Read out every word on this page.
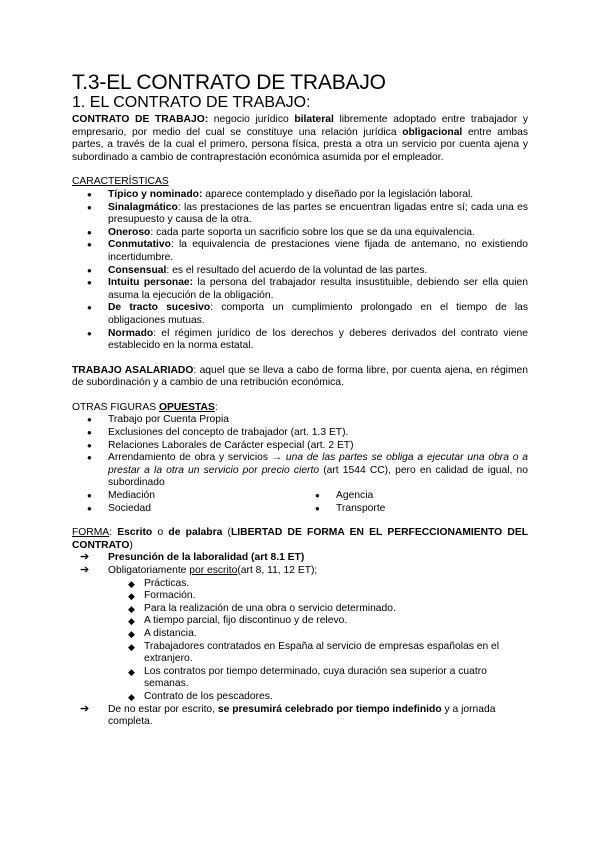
T.3-EL CONTRATO DE TRABAJO
1. EL CONTRATO DE TRABAJO:

CONTRATO DE TRABAJO: negocio jurídico bilateral libremente adoptado entre trabajador y empresario, por medio del cual se constituye una relación jurídica obligacional entre ambas partes, a través de la cual el primero, persona física, presta a otra un servicio por cuenta ajena y subordinado a cambio de contraprestación económica asumida por el empleador.

CARACTERÍSTICAS

● Típico y nominado: aparece contemplado y diseñado por la legislación laboral.
● Sinalagmático: las prestaciones de las partes se encuentran ligadas entre sí; cada una es presupuesto y causa de la otra.
● Oneroso: cada parte soporta un sacrificio sobre los que se da una equivalencia.
● Conmutativo: la equivalencia de prestaciones viene fijada de antemano, no existiendo incertidumbre.
● Consensual: es el resultado del acuerdo de la voluntad de las partes.
● Intuitu personae: la persona del trabajador resulta insustituible, debiendo ser ella quien asuma la ejecución de la obligación.
● De tracto sucesivo: comporta un cumplimiento prolongado en el tiempo de las obligaciones mutuas.
● Normado: el régimen jurídico de los derechos y deberes derivados del contrato viene establecido en la norma estatal.

TRABAJO ASALARIADO: aquel que se lleva a cabo de forma libre, por cuenta ajena, en régimen de subordinación y a cambio de una retribución económica.

OTRAS FIGURAS OPUESTAS:

● Trabajo por Cuenta Propia
● Exclusiones del concepto de trabajador (art. 1.3 ET).
● Relaciones Laborales de Carácter especial (art. 2 ET)
● Arrendamiento de obra y servicios → una de las partes se obliga a ejecutar una obra o a prestar a la otra un servicio por precio cierto (art 1544 CC), pero en calidad de igual, no subordinado
● Mediación
● Sociedad
● Agencia
● Transporte

FORMA: Escrito o de palabra (LIBERTAD DE FORMA EN EL PERFECCIONAMIENTO DEL CONTRATO)

➔ Presunción de la laboralidad (art 8.1 ET)
➔ Obligatoriamente por escrito(art 8, 11, 12 ET);
◆ Prácticas.
◆ Formación.
◆ Para la realización de una obra o servicio determinado.
◆ A tiempo parcial, fijo discontinuo y de relevo.
◆ A distancia.
◆ Trabajadores contratados en España al servicio de empresas españolas en el extranjero.
◆ Los contratos por tiempo determinado, cuya duración sea superior a cuatro semanas.
◆ Contrato de los pescadores.
➔ De no estar por escrito, se presumirá celebrado por tiempo indefinido y a jornada completa.
